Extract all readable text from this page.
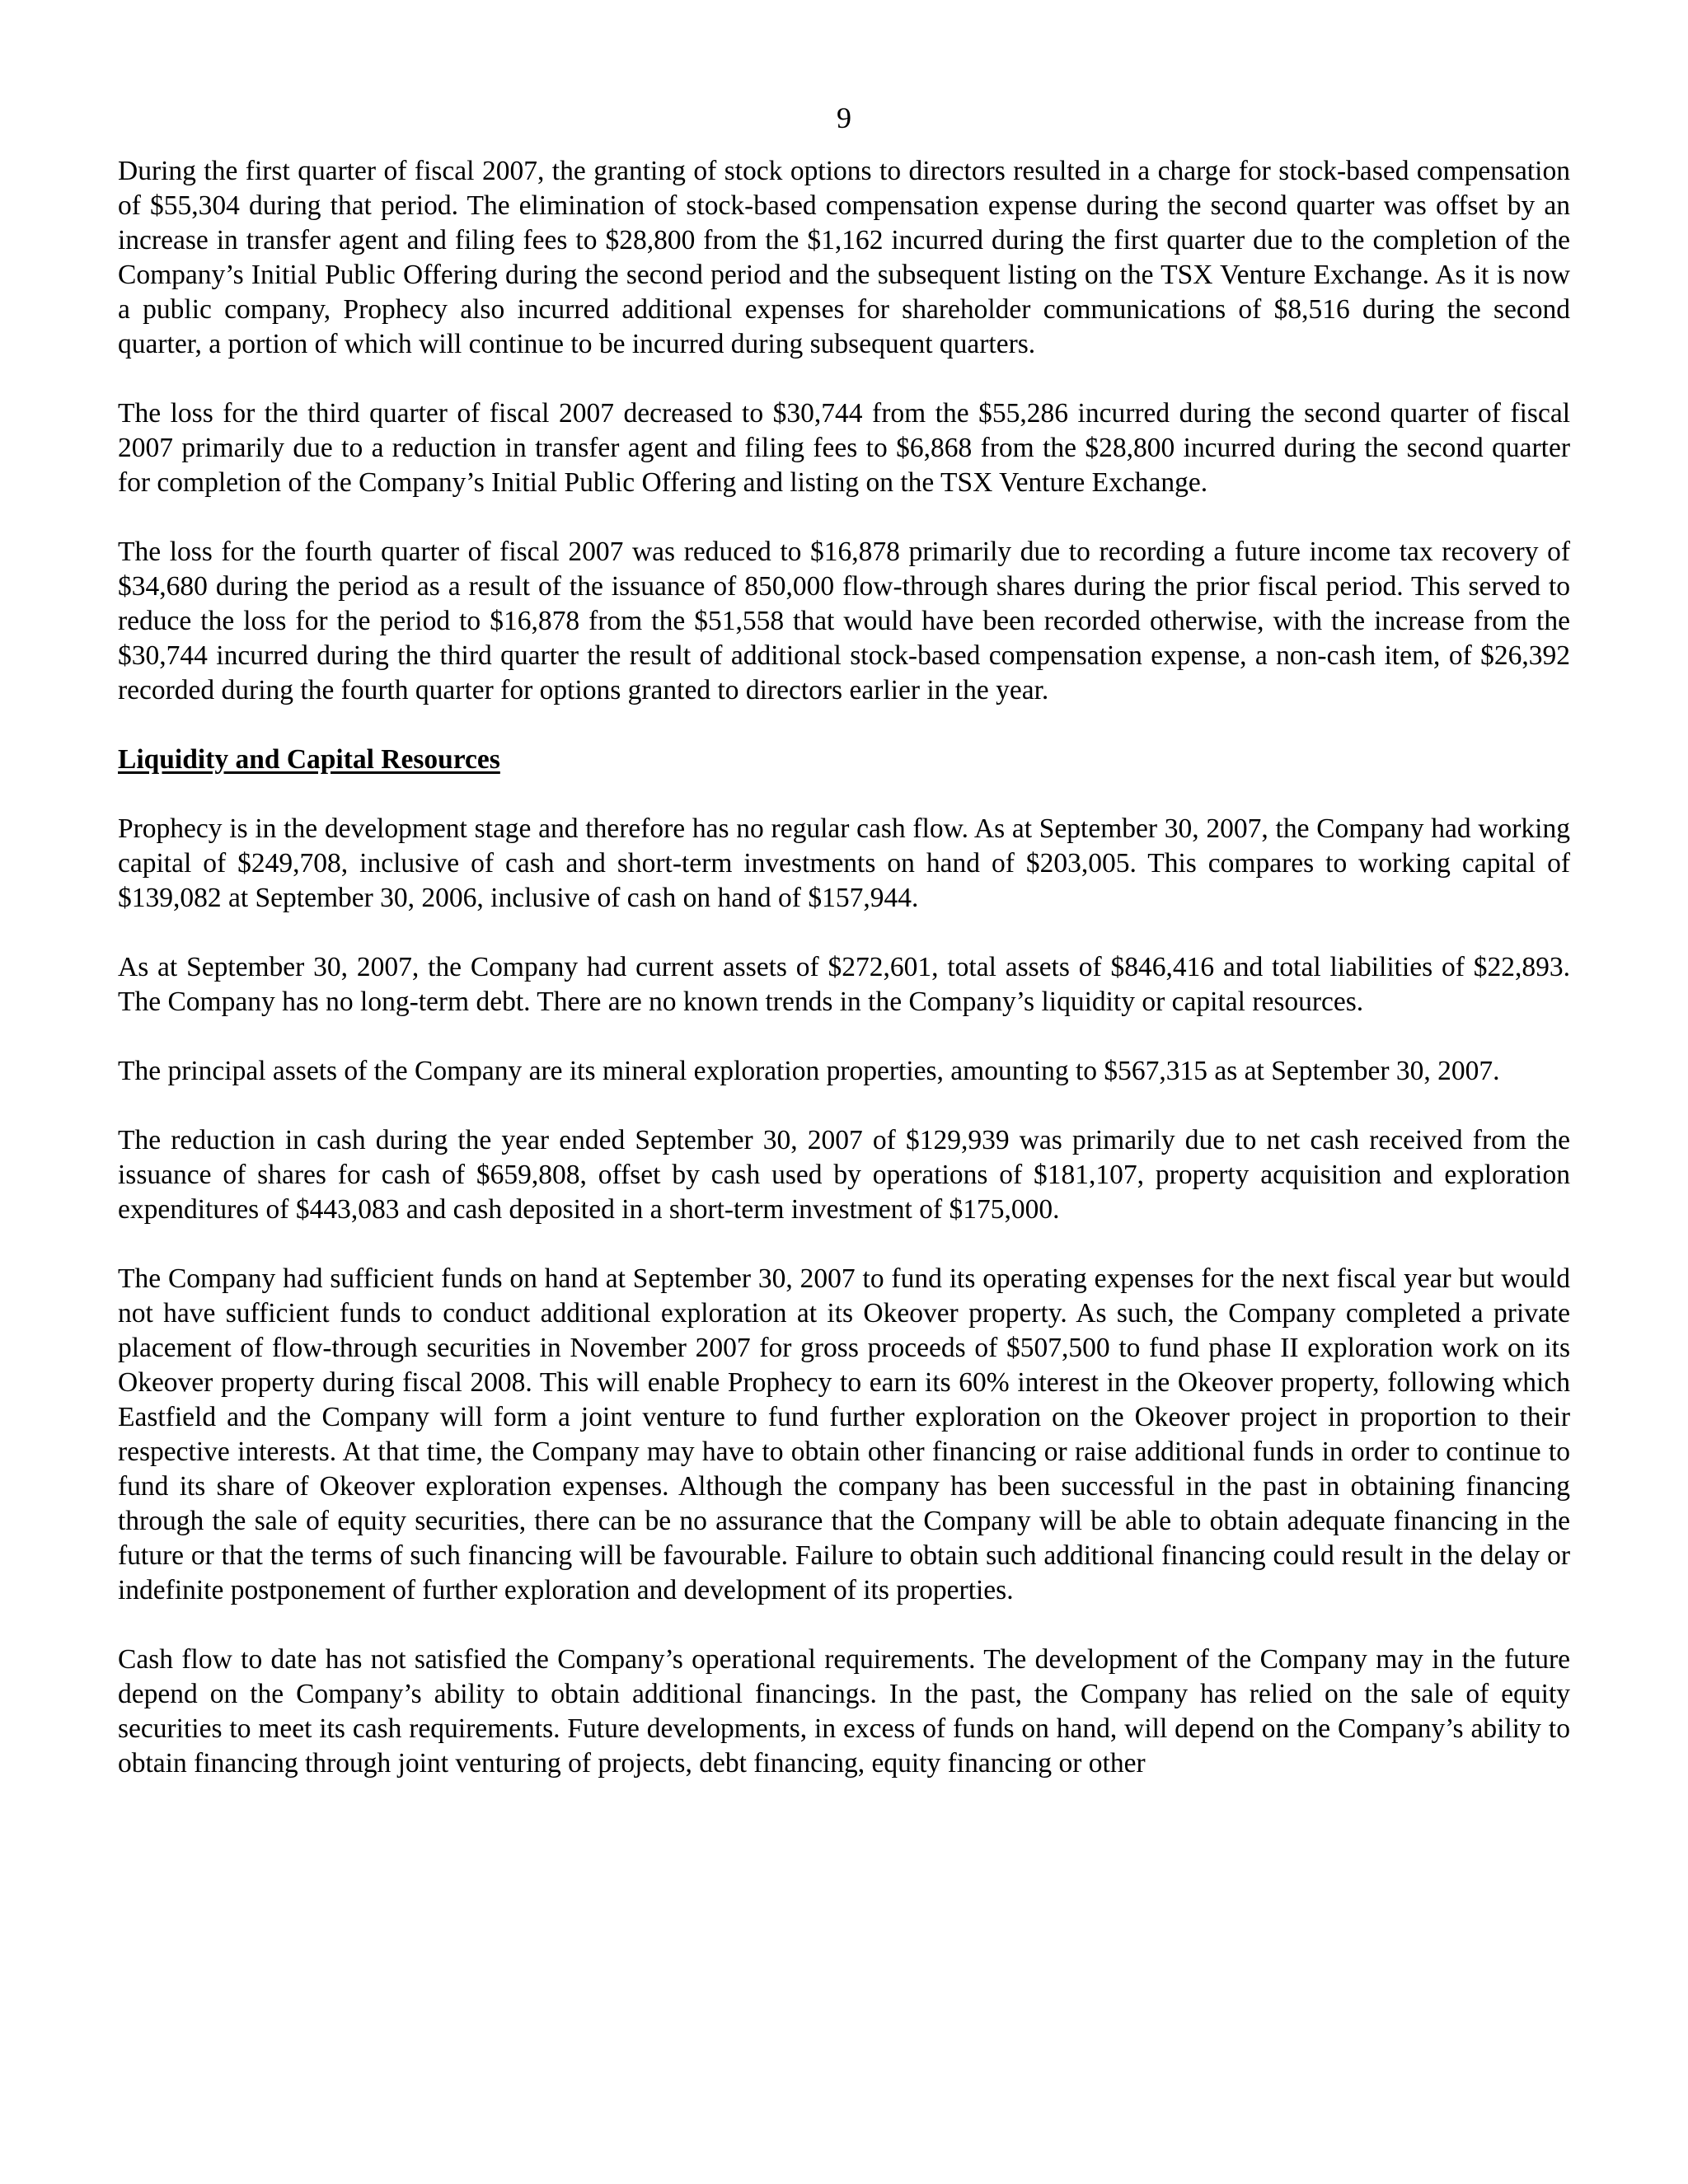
9

During the first quarter of fiscal 2007, the granting of stock options to directors resulted in a charge for stock-based compensation of $55,304 during that period. The elimination of stock-based compensation expense during the second quarter was offset by an increase in transfer agent and filing fees to $28,800 from the $1,162 incurred during the first quarter due to the completion of the Company’s Initial Public Offering during the second period and the subsequent listing on the TSX Venture Exchange. As it is now a public company, Prophecy also incurred additional expenses for shareholder communications of $8,516 during the second quarter, a portion of which will continue to be incurred during subsequent quarters.

The loss for the third quarter of fiscal 2007 decreased to $30,744 from the $55,286 incurred during the second quarter of fiscal 2007 primarily due to a reduction in transfer agent and filing fees to $6,868 from the $28,800 incurred during the second quarter for completion of the Company’s Initial Public Offering and listing on the TSX Venture Exchange.

The loss for the fourth quarter of fiscal 2007 was reduced to $16,878 primarily due to recording a future income tax recovery of $34,680 during the period as a result of the issuance of 850,000 flow-through shares during the prior fiscal period. This served to reduce the loss for the period to $16,878 from the $51,558 that would have been recorded otherwise, with the increase from the $30,744 incurred during the third quarter the result of additional stock-based compensation expense, a non-cash item, of $26,392 recorded during the fourth quarter for options granted to directors earlier in the year.

Liquidity and Capital Resources

Prophecy is in the development stage and therefore has no regular cash flow. As at September 30, 2007, the Company had working capital of $249,708, inclusive of cash and short-term investments on hand of $203,005. This compares to working capital of $139,082 at September 30, 2006, inclusive of cash on hand of $157,944.

As at September 30, 2007, the Company had current assets of $272,601, total assets of $846,416 and total liabilities of $22,893. The Company has no long-term debt. There are no known trends in the Company’s liquidity or capital resources.

The principal assets of the Company are its mineral exploration properties, amounting to $567,315 as at September 30, 2007.

The reduction in cash during the year ended September 30, 2007 of $129,939 was primarily due to net cash received from the issuance of shares for cash of $659,808, offset by cash used by operations of $181,107, property acquisition and exploration expenditures of $443,083 and cash deposited in a short-term investment of $175,000.

The Company had sufficient funds on hand at September 30, 2007 to fund its operating expenses for the next fiscal year but would not have sufficient funds to conduct additional exploration at its Okeover property. As such, the Company completed a private placement of flow-through securities in November 2007 for gross proceeds of $507,500 to fund phase II exploration work on its Okeover property during fiscal 2008. This will enable Prophecy to earn its 60% interest in the Okeover property, following which Eastfield and the Company will form a joint venture to fund further exploration on the Okeover project in proportion to their respective interests. At that time, the Company may have to obtain other financing or raise additional funds in order to continue to fund its share of Okeover exploration expenses. Although the company has been successful in the past in obtaining financing through the sale of equity securities, there can be no assurance that the Company will be able to obtain adequate financing in the future or that the terms of such financing will be favourable. Failure to obtain such additional financing could result in the delay or indefinite postponement of further exploration and development of its properties.

Cash flow to date has not satisfied the Company’s operational requirements. The development of the Company may in the future depend on the Company’s ability to obtain additional financings. In the past, the Company has relied on the sale of equity securities to meet its cash requirements. Future developments, in excess of funds on hand, will depend on the Company’s ability to obtain financing through joint venturing of projects, debt financing, equity financing or other
